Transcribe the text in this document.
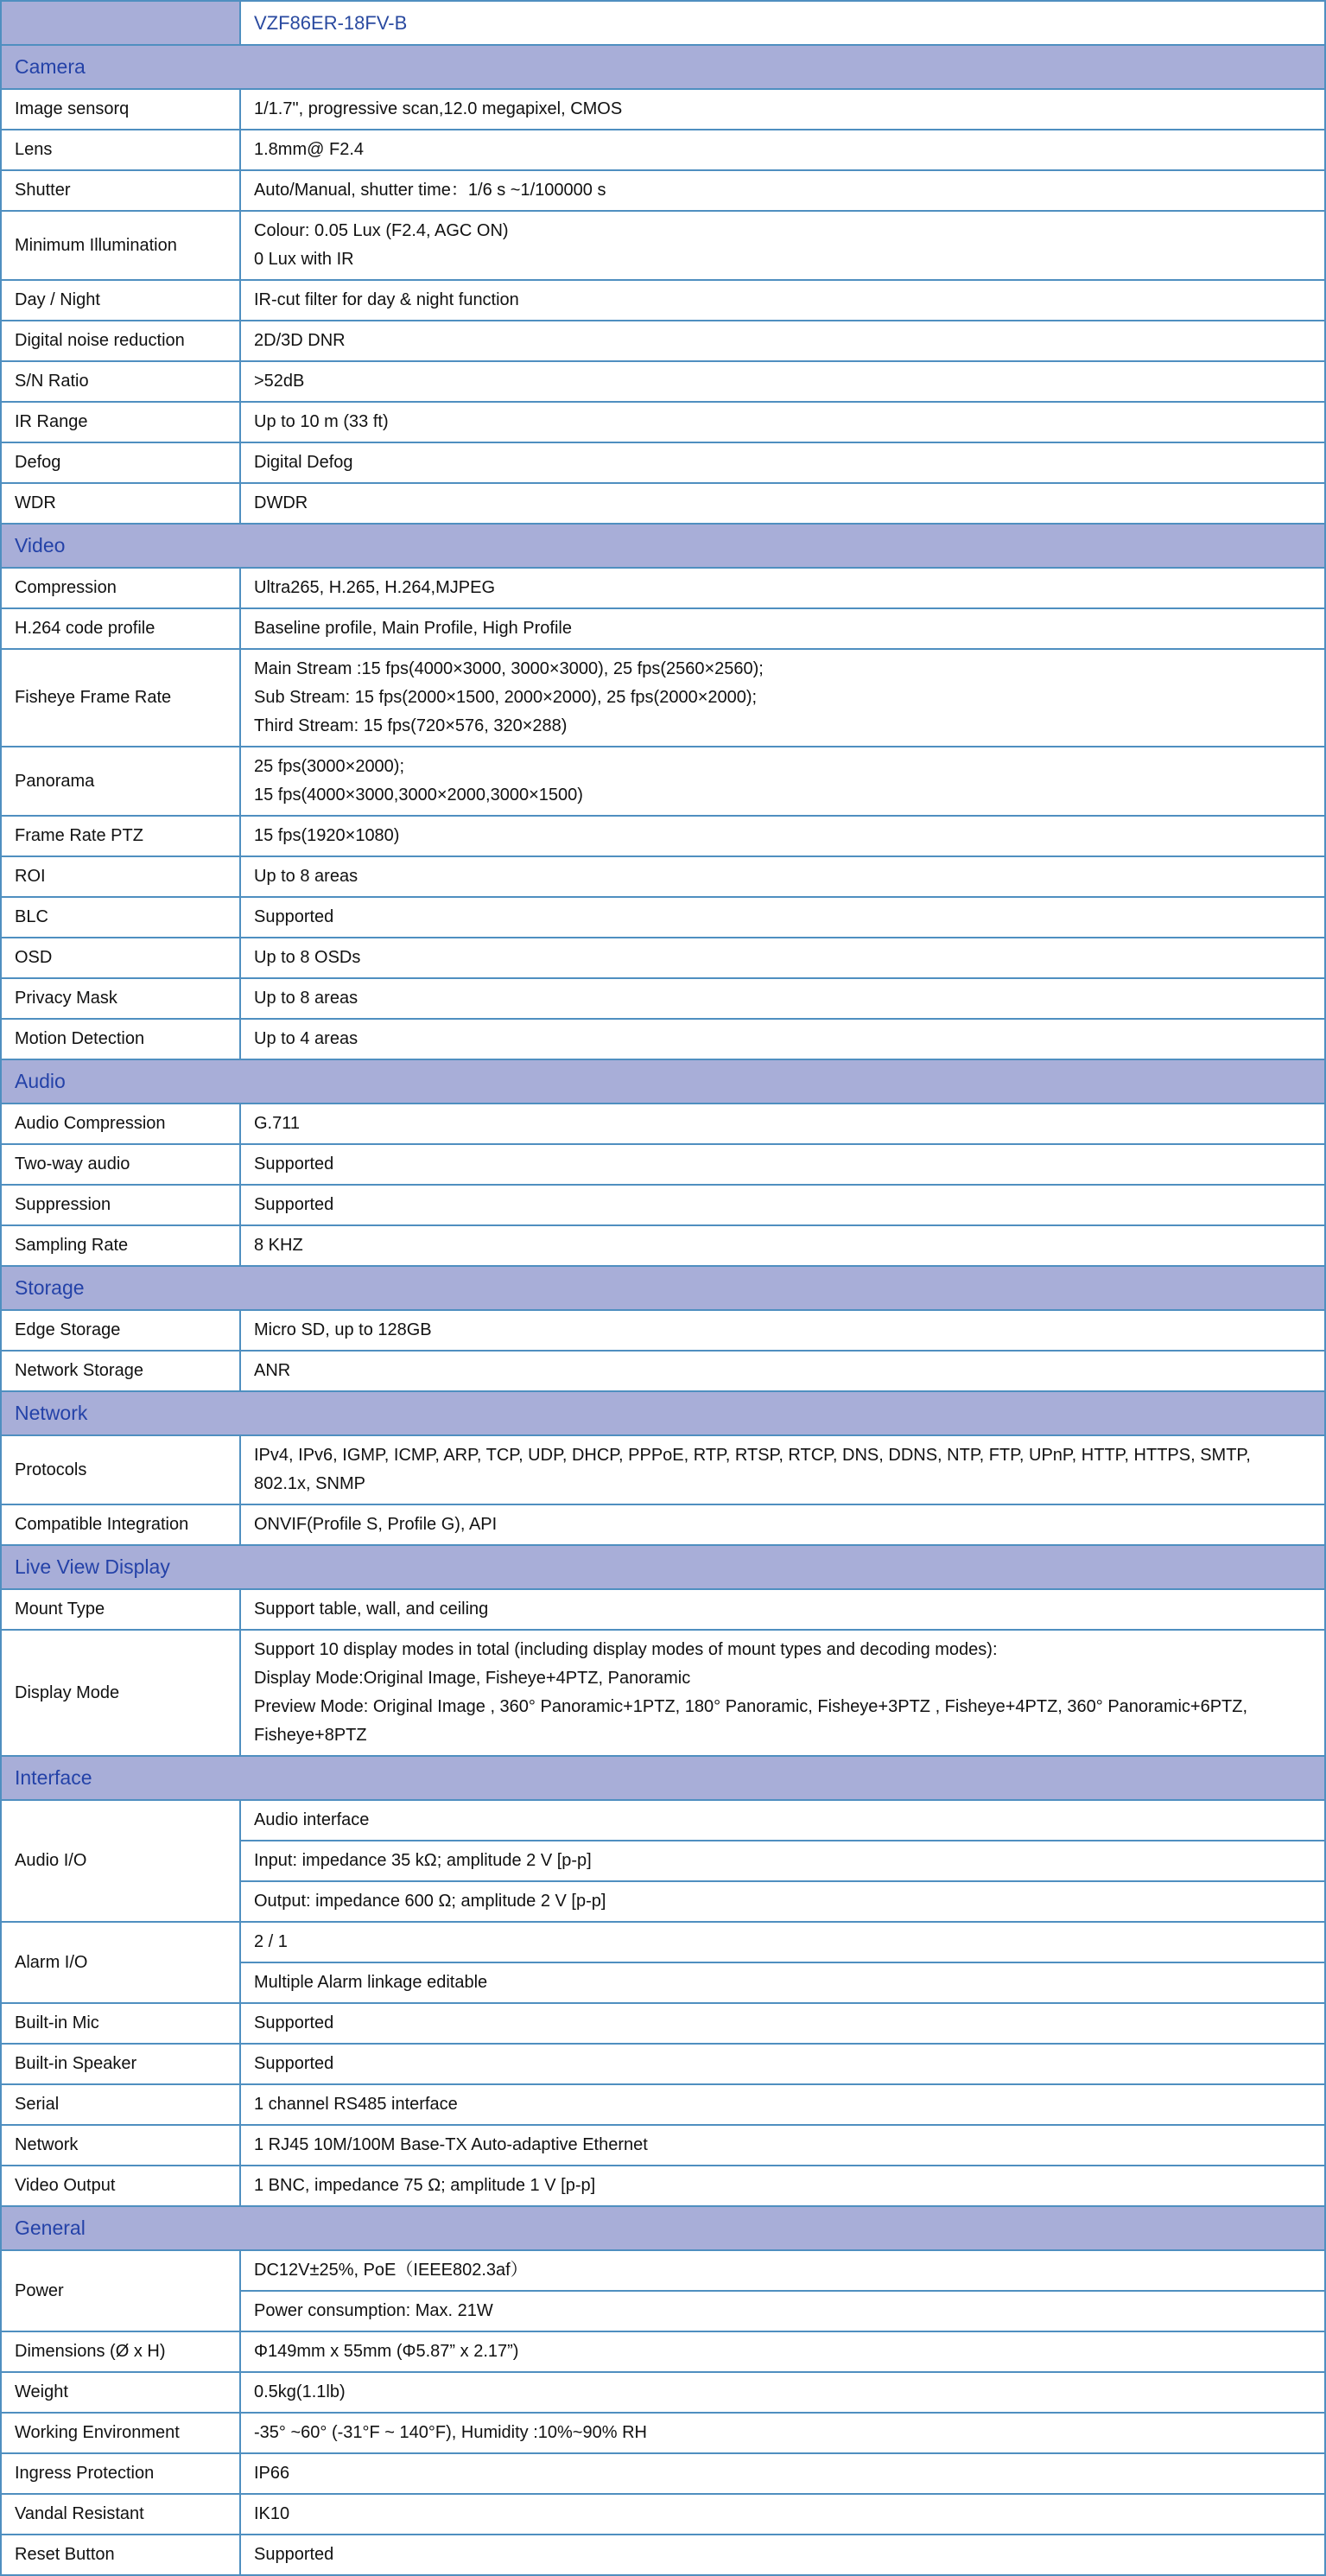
	VZF86ER-18FV-B
Camera	
Image sensorq	1/1.7", progressive scan,12.0 megapixel, CMOS

Lens	1.8mm@ F2.4

Shutter	Auto/Manual, shutter time：1/6 s ~1/100000 s

Minimum Illumination	Colour: 0.05 Lux (F2.4, AGC ON)
0 Lux with IR

Day / Night	IR-cut filter for day & night function

Digital noise reduction	2D/3D DNR

S/N Ratio	>52dB

IR Range	Up to 10 m (33 ft)

Defog	Digital Defog

WDR	DWDR

Video	
Compression	Ultra265, H.265, H.264,MJPEG

H.264 code profile	Baseline profile, Main Profile, High Profile

Fisheye Frame Rate	Main Stream :15 fps(4000×3000, 3000×3000), 25 fps(2560×2560);
Sub Stream: 15 fps(2000×1500, 2000×2000), 25 fps(2000×2000);
Third Stream: 15 fps(720×576, 320×288)

Panorama	25 fps(3000×2000);
15 fps(4000×3000,3000×2000,3000×1500)

Frame Rate PTZ	15 fps(1920×1080)

ROI	Up to 8 areas

BLC	Supported

OSD	Up to 8 OSDs

Privacy Mask	Up to 8 areas

Motion Detection	Up to 4 areas

Audio	
Audio Compression	G.711

Two-way audio	Supported

Suppression	Supported

Sampling Rate	8 KHZ

Storage	
Edge Storage	Micro SD, up to 128GB

Network Storage	ANR

Network	
Protocols	IPv4, IPv6, IGMP, ICMP, ARP, TCP, UDP, DHCP, PPPoE, RTP, RTSP, RTCP, DNS, DDNS, NTP, FTP, UPnP, HTTP, HTTPS, SMTP, 802.1x, SNMP

Compatible Integration	ONVIF(Profile S, Profile G), API

Live View Display	
Mount Type	Support table, wall, and ceiling

Display Mode	Support 10 display modes in total (including display modes of mount types and decoding modes):
Display Mode:Original Image, Fisheye+4PTZ, Panoramic
Preview Mode: Original Image , 360° Panoramic+1PTZ, 180° Panoramic, Fisheye+3PTZ , Fisheye+4PTZ, 360° Panoramic+6PTZ, Fisheye+8PTZ

Interface	
Audio I/O	Audio interface
	Input: impedance 35 kΩ; amplitude 2 V [p-p]
	Output: impedance 600 Ω; amplitude 2 V [p-p]
Alarm I/O	2 / 1
	Multiple Alarm linkage editable
Built-in Mic	Supported

Built-in Speaker	Supported

Serial	1 channel RS485 interface

Network	1 RJ45 10M/100M Base-TX Auto-adaptive Ethernet

Video Output	1 BNC, impedance 75 Ω; amplitude 1 V [p-p]

General	
Power	DC12V±25%, PoE（IEEE802.3af）
	Power consumption: Max. 21W
Dimensions (Ø x H)	Φ149mm x 55mm (Φ5.87” x 2.17”)

Weight	0.5kg(1.1lb)

Working Environment	-35° ~60° (-31°F ~ 140°F), Humidity :10%~90% RH

Ingress Protection	IP66

Vandal Resistant	IK10

Reset Button	Supported
